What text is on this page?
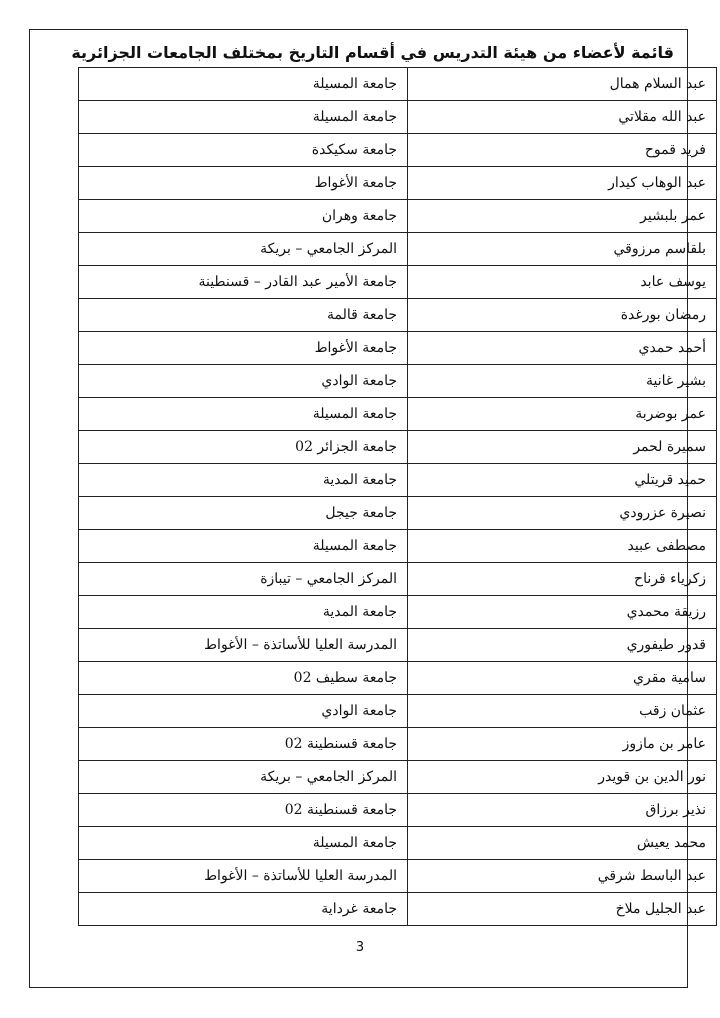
قائمة لأعضاء من هيئة التدريس في أقسام التاريخ بمختلف الجامعات الجزائرية
عبد السلام همال	جامعة المسيلة
عبد الله مقلاتي	جامعة المسيلة
فريد قموح	جامعة سكيكدة
عبد الوهاب كيدار	جامعة الأغواط
عمر بلبشير	جامعة وهران
بلقاسم مرزوقي	المركز الجامعي – بريكة
يوسف عابد	جامعة الأمير عبد القادر – قسنطينة
رمضان بورغدة	جامعة قالمة
أحمد حمدي	جامعة الأغواط
بشير غانية	جامعة الوادي
عمر بوضربة	جامعة المسيلة
سميرة لحمر	جامعة الجزائر 02
حميد قريتلي	جامعة المدية
نصيرة عزرودي	جامعة جيجل
مصطفى عبيد	جامعة المسيلة
زكرياء قرناح	المركز الجامعي – تيبازة
رزيقة محمدي	جامعة المدية
قدور طيفوري	المدرسة العليا للأساتذة – الأغواط
سامية مقري	جامعة سطيف 02
عثمان زقب	جامعة الوادي
عامر بن مازوز	جامعة قسنطينة 02
نور الدين بن قويدر	المركز الجامعي – بريكة
نذير برزاق	جامعة قسنطينة 02
محمد يعيش	جامعة المسيلة
عبد الباسط شرقي	المدرسة العليا للأساتذة – الأغواط
عبد الجليل ملاخ	جامعة غرداية
3
